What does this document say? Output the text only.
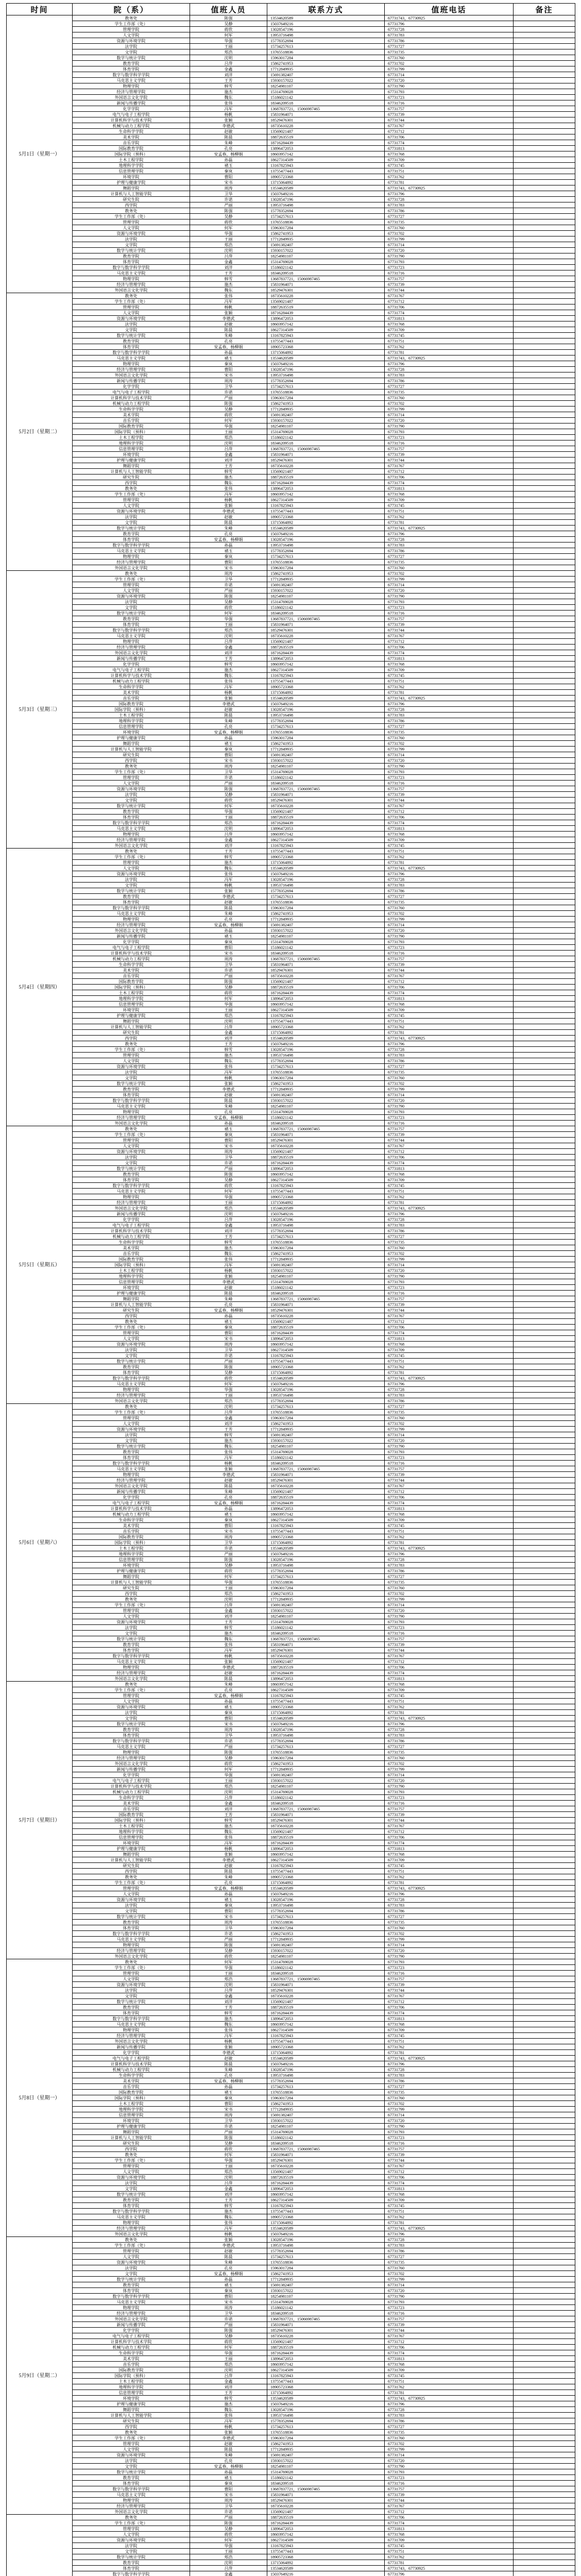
时间	院（系）	值班人员	联系方式	值班电话	备注
5月1日（星期一）	教务处	陈强	13534620589	67731743，67730925	
	学生工作部（处）	吴静	15037649216	67731796	
	管理学院	蒋欣	13028547196	67731728	
	人文学院	何军	13953716498	67731783	
	资源与环境学院	华强	15778352694	67731786	
	法学院	王丽	15734257613	67731727	
	文学院	郑浩	13765518836	67731735	
	数学与统计学院	沈明	15963017284	67731760	
	教育学院	吕萍	15862741953	67731702	
	体育学院	金鑫	17712849935	67731799	
	数字与数学科学学院	刘洋	15691382407	67731714	
	马克思主义学院	王芳	15930157022	67731720	
	物理学院	韩雪	18254981107	67731790	
	经济与管理学院	施杰	15314769028	67731793	
	外国语言文化学院	魏东	15186021142	67731723	
	新闻与传播学院	张伟	18346209518	67731716	
	化学学院	冯军	13687837721，15066987465	67731757	
	电气与电子工程学院	杨帆	15831964071	67731739	
	计算机科学与技术学院	张颖	18529476301	67731744	
	机械与动力工程学院	李德武	18735610228	67731767	
	生命科学学院	赵敏	13569021487	67731712	
	美术学院	陈晨	18872635519	67731706	
	音乐学院	朱峰	18716284439	67731774	
	国际教育学院	孔亮	13896472053	67731813	
	国际学院（预科）	安孟春，杨柳娟	18603957142	67731768	
	土木工程学院	孙磊	18627314509	67731709	
	地理科学学院	褚玉	13167825943	67731745	
	信息管理学院	秦岚	13755477443	67731751	
	环境学院	曹阳	18905723368	67731762	
	护理与健康学院	宋书	13715064892	67731781	
	舞蹈学院	周涛	13534620589	67731743，67730925	
	计算机与人工智能学院	卫华	15037649216	67731796	
	研究生院	许诺	13028547196	67731728	
	西学院	严丽	13953716498	67731783	
	教务处	陈强	15778352694	67731786	
	学生工作部（处）	吴静	15734257613	67731727	
	管理学院	蒋欣	13765518836	67731735	
	人文学院	何军	15963017284	67731760	
	资源与环境学院	华强	15862741953	67731702	
	法学院	王丽	17712849935	67731799	
	文学院	郑浩	15691382407	67731714	
	数学与统计学院	沈明	15930157022	67731720	
	教育学院	吕萍	18254981107	67731790	
	体育学院	金鑫	15314769028	67731793	
	数字与数学科学学院	刘洋	15186021142	67731723	
	马克思主义学院	王芳	18346209518	67731716	
	物理学院	韩雪	13687837721，15066987465	67731757	
	经济与管理学院	施杰	15831964071	67731739	
	外国语言文化学院	魏东	18529476301	67731744	
5月2日（星期二）	教务处	张伟	18735610228	67731767	
	学生工作部（处）	冯军	13569021487	67731712	
	管理学院	杨帆	18872635519	67731706	
	人文学院	张颖	18716284439	67731774	
	资源与环境学院	李德武	13896472053	67731813	
	法学院	赵敏	18603957142	67731768	
	文学院	陈晨	18627314509	67731709	
	数学与统计学院	朱峰	13167825943	67731745	
	教育学院	孔亮	13755477443	67731751	
	体育学院	安孟春，杨柳娟	18905723368	67731762	
	数字与数学科学学院	孙磊	13715064892	67731781	
	马克思主义学院	褚玉	13534620589	67731743，67730925	
	物理学院	秦岚	15037649216	67731796	
	经济与管理学院	曹阳	13028547196	67731728	
	外国语言文化学院	宋书	13953716498	67731783	
	新闻与传播学院	周涛	15778352694	67731786	
	化学学院	卫华	15734257613	67731727	
	电气与电子工程学院	许诺	13765518836	67731735	
	计算机科学与技术学院	严丽	15963017284	67731760	
	机械与动力工程学院	陈强	15862741953	67731702	
	生命科学学院	吴静	17712849935	67731799	
	美术学院	蒋欣	15691382407	67731714	
	音乐学院	何军	15930157022	67731720	
	国际教育学院	华强	18254981107	67731790	
	国际学院（预科）	王丽	15314769028	67731793	
	土木工程学院	郑浩	15186021142	67731723	
	地理科学学院	沈明	18346209518	67731716	
	信息管理学院	吕萍	13687837721，15066987465	67731757	
	环境学院	金鑫	15831964071	67731739	
	护理与健康学院	刘洋	18529476301	67731744	
	舞蹈学院	王芳	18735610228	67731767	
	计算机与人工智能学院	韩雪	13569021487	67731712	
	研究生院	施杰	18872635519	67731706	
	西学院	魏东	18716284439	67731774	
	教务处	张伟	13896472053	67731813	
	学生工作部（处）	冯军	18603957142	67731768	
	管理学院	杨帆	18627314509	67731709	
	人文学院	张颖	13167825943	67731745	
	资源与环境学院	李德武	13755477443	67731751	
	法学院	赵敏	18905723368	67731762	
	文学院	陈晨	13715064892	67731781	
	数学与统计学院	朱峰	13534620589	67731743，67730925	
	教育学院	孔亮	15037649216	67731796	
	体育学院	安孟春，杨柳娟	13028547196	67731728	
	数字与数学科学学院	孙磊	13953716498	67731783	
	马克思主义学院	褚玉	15778352694	67731786	
	物理学院	秦岚	15734257613	67731727	
	经济与管理学院	曹阳	13765518836	67731735	
	外国语言文化学院	宋书	15963017284	67731760	
5月3日（星期三）	教务处	周涛	15862741953	67731702	
	学生工作部（处）	卫华	17712849935	67731799	
	管理学院	许诺	15691382407	67731714	
	人文学院	严丽	15930157022	67731720	
	资源与环境学院	陈强	18254981107	67731790	
	法学院	吴静	15314769028	67731793	
	文学院	蒋欣	15186021142	67731723	
	数学与统计学院	何军	18346209518	67731716	
	教育学院	华强	13687837721，15066987465	67731757	
	体育学院	王丽	15831964071	67731739	
	数字与数学科学学院	郑浩	18529476301	67731744	
	马克思主义学院	沈明	18735610228	67731767	
	物理学院	吕萍	13569021487	67731712	
	经济与管理学院	金鑫	18872635519	67731706	
	外国语言文化学院	刘洋	18716284439	67731774	
	新闻与传播学院	王芳	13896472053	67731813	
	化学学院	韩雪	18603957142	67731768	
	电气与电子工程学院	施杰	18627314509	67731709	
	计算机科学与技术学院	魏东	13167825943	67731745	
	机械与动力工程学院	张伟	13755477443	67731751	
	生命科学学院	冯军	18905723368	67731762	
	美术学院	杨帆	13715064892	67731781	
	音乐学院	张颖	13534620589	67731743，67730925	
	国际教育学院	李德武	15037649216	67731796	
	国际学院（预科）	赵敏	13028547196	67731728	
	土木工程学院	陈晨	13953716498	67731783	
	地理科学学院	朱峰	15778352694	67731786	
	信息管理学院	孔亮	15734257613	67731727	
	环境学院	安孟春，杨柳娟	13765518836	67731735	
	护理与健康学院	孙磊	15963017284	67731760	
	舞蹈学院	褚玉	15862741953	67731702	
	计算机与人工智能学院	秦岚	17712849935	67731799	
	研究生院	曹阳	15691382407	67731714	
	西学院	宋书	15930157022	67731720	
	教务处	周涛	18254981107	67731790	
	学生工作部（处）	卫华	15314769028	67731793	
	管理学院	许诺	15186021142	67731723	
	人文学院	严丽	18346209518	67731716	
	资源与环境学院	陈强	13687837721，15066987465	67731757	
	法学院	吴静	15831964071	67731739	
	文学院	蒋欣	18529476301	67731744	
	数学与统计学院	何军	18735610228	67731767	
	教育学院	华强	13569021487	67731712	
	体育学院	王丽	18872635519	67731706	
	数字与数学科学学院	郑浩	18716284439	67731774	
	马克思主义学院	沈明	13896472053	67731813	
	物理学院	吕萍	18603957142	67731768	
	经济与管理学院	金鑫	18627314509	67731709	
	外国语言文化学院	刘洋	13167825943	67731745	
5月4日（星期四）	教务处	王芳	13755477443	67731751	
	学生工作部（处）	韩雪	18905723368	67731762	
	管理学院	施杰	13715064892	67731781	
	人文学院	魏东	13534620589	67731743，67730925	
	资源与环境学院	张伟	15037649216	67731796	
	法学院	冯军	13028547196	67731728	
	文学院	杨帆	13953716498	67731783	
	数学与统计学院	张颖	15778352694	67731786	
	教育学院	李德武	15734257613	67731727	
	体育学院	赵敏	13765518836	67731735	
	数字与数学科学学院	陈晨	15963017284	67731760	
	马克思主义学院	朱峰	15862741953	67731702	
	物理学院	孔亮	17712849935	67731799	
	经济与管理学院	安孟春，杨柳娟	15691382407	67731714	
	外国语言文化学院	孙磊	15930157022	67731720	
	新闻与传播学院	褚玉	18254981107	67731790	
	化学学院	秦岚	15314769028	67731793	
	电气与电子工程学院	曹阳	15186021142	67731723	
	计算机科学与技术学院	宋书	18346209518	67731716	
	机械与动力工程学院	周涛	13687837721，15066987465	67731757	
	生命科学学院	卫华	15831964071	67731739	
	美术学院	许诺	18529476301	67731744	
	音乐学院	严丽	18735610228	67731767	
	国际教育学院	陈强	13569021487	67731712	
	国际学院（预科）	吴静	18872635519	67731706	
	土木工程学院	蒋欣	18716284439	67731774	
	地理科学学院	何军	13896472053	67731813	
	信息管理学院	华强	18603957142	67731768	
	环境学院	王丽	18627314509	67731709	
	护理与健康学院	郑浩	13167825943	67731745	
	舞蹈学院	沈明	13755477443	67731751	
	计算机与人工智能学院	吕萍	18905723368	67731762	
	研究生院	金鑫	13715064892	67731781	
	西学院	刘洋	13534620589	67731743，67730925	
	教务处	王芳	15037649216	67731796	
	学生工作部（处）	韩雪	13028547196	67731728	
	管理学院	施杰	13953716498	67731783	
	人文学院	魏东	15778352694	67731786	
	资源与环境学院	张伟	15734257613	67731727	
	法学院	冯军	13765518836	67731735	
	文学院	杨帆	15963017284	67731760	
	数学与统计学院	张颖	15862741953	67731702	
	教育学院	李德武	17712849935	67731799	
	体育学院	赵敏	15691382407	67731714	
	数字与数学科学学院	陈晨	15930157022	67731720	
	马克思主义学院	朱峰	18254981107	67731790	
	物理学院	孔亮	15314769028	67731793	
	经济与管理学院	安孟春，杨柳娟	15186021142	67731723	
	外国语言文化学院	孙磊	18346209518	67731716	
5月5日（星期五）	教务处	褚玉	13687837721，15066987465	67731757	
	学生工作部（处）	秦岚	15831964071	67731739	
	管理学院	曹阳	18529476301	67731744	
	人文学院	宋书	18735610228	67731767	
	资源与环境学院	周涛	13569021487	67731712	
	法学院	卫华	18872635519	67731706	
	文学院	许诺	18716284439	67731774	
	数学与统计学院	严丽	13896472053	67731813	
	教育学院	陈强	18603957142	67731768	
	体育学院	吴静	18627314509	67731709	
	数字与数学科学学院	蒋欣	13167825943	67731745	
	马克思主义学院	何军	13755477443	67731751	
	物理学院	华强	18905723368	67731762	
	经济与管理学院	王丽	13715064892	67731781	
	外国语言文化学院	郑浩	13534620589	67731743，67730925	
	新闻与传播学院	沈明	15037649216	67731796	
	化学学院	吕萍	13028547196	67731728	
	电气与电子工程学院	金鑫	13953716498	67731783	
	计算机科学与技术学院	刘洋	15778352694	67731786	
	机械与动力工程学院	王芳	15734257613	67731727	
	生命科学学院	韩雪	13765518836	67731735	
	美术学院	施杰	15963017284	67731760	
	音乐学院	魏东	15862741953	67731702	
	国际教育学院	张伟	17712849935	67731799	
	国际学院（预科）	冯军	15691382407	67731714	
	土木工程学院	杨帆	15930157022	67731720	
	地理科学学院	张颖	18254981107	67731790	
	信息管理学院	李德武	15314769028	67731793	
	环境学院	赵敏	15186021142	67731723	
	护理与健康学院	陈晨	18346209518	67731716	
	舞蹈学院	朱峰	13687837721，15066987465	67731757	
	计算机与人工智能学院	孔亮	15831964071	67731739	
	研究生院	安孟春，杨柳娟	18529476301	67731744	
	西学院	孙磊	18735610228	67731767	
	教务处	褚玉	13569021487	67731712	
	学生工作部（处）	秦岚	18872635519	67731706	
	管理学院	曹阳	18716284439	67731774	
	人文学院	宋书	13896472053	67731813	
	资源与环境学院	周涛	18603957142	67731768	
	法学院	卫华	18627314509	67731709	
	文学院	许诺	13167825943	67731745	
	数学与统计学院	严丽	13755477443	67731751	
	教育学院	陈强	18905723368	67731762	
	体育学院	吴静	13715064892	67731781	
	数字与数学科学学院	蒋欣	13534620589	67731743，67730925	
	马克思主义学院	何军	15037649216	67731796	
	物理学院	华强	13028547196	67731728	
	经济与管理学院	王丽	13953716498	67731783	
	外国语言文化学院	郑浩	15778352694	67731786	
5月6日（星期六）	教务处	沈明	15734257613	67731727	
	学生工作部（处）	吕萍	13765518836	67731735	
	管理学院	金鑫	15963017284	67731760	
	人文学院	刘洋	15862741953	67731702	
	资源与环境学院	王芳	17712849935	67731799	
	法学院	韩雪	15691382407	67731714	
	文学院	施杰	15930157022	67731720	
	数学与统计学院	魏东	18254981107	67731790	
	教育学院	张伟	15314769028	67731793	
	体育学院	冯军	15186021142	67731723	
	数字与数学科学学院	杨帆	18346209518	67731716	
	马克思主义学院	张颖	13687837721，15066987465	67731757	
	物理学院	李德武	15831964071	67731739	
	经济与管理学院	赵敏	18529476301	67731744	
	外国语言文化学院	陈晨	18735610228	67731767	
	新闻与传播学院	朱峰	13569021487	67731712	
	化学学院	孔亮	18872635519	67731706	
	电气与电子工程学院	安孟春，杨柳娟	18716284439	67731774	
	计算机科学与技术学院	孙磊	13896472053	67731813	
	机械与动力工程学院	褚玉	18603957142	67731768	
	生命科学学院	秦岚	18627314509	67731709	
	美术学院	曹阳	13167825943	67731745	
	音乐学院	宋书	13755477443	67731751	
	国际教育学院	周涛	18905723368	67731762	
	国际学院（预科）	卫华	13715064892	67731781	
	土木工程学院	许诺	13534620589	67731743，67730925	
	地理科学学院	严丽	15037649216	67731796	
	信息管理学院	陈强	13028547196	67731728	
	环境学院	吴静	13953716498	67731783	
	护理与健康学院	蒋欣	15778352694	67731786	
	舞蹈学院	何军	15734257613	67731727	
	计算机与人工智能学院	华强	13765518836	67731735	
	研究生院	王丽	15963017284	67731760	
	西学院	郑浩	15862741953	67731702	
	教务处	沈明	17712849935	67731799	
	学生工作部（处）	吕萍	15691382407	67731714	
	管理学院	金鑫	15930157022	67731720	
	人文学院	刘洋	18254981107	67731790	
	资源与环境学院	王芳	15314769028	67731793	
	法学院	韩雪	15186021142	67731723	
	文学院	施杰	18346209518	67731716	
	数学与统计学院	魏东	13687837721，15066987465	67731757	
	教育学院	张伟	15831964071	67731739	
	体育学院	冯军	18529476301	67731744	
	数字与数学科学学院	杨帆	18735610228	67731767	
	马克思主义学院	张颖	13569021487	67731712	
	物理学院	李德武	18872635519	67731706	
	经济与管理学院	赵敏	18716284439	67731774	
	外国语言文化学院	陈晨	13896472053	67731813	
5月7日（星期日）	教务处	朱峰	18603957142	67731768	
	学生工作部（处）	孔亮	18627314509	67731709	
	管理学院	安孟春，杨柳娟	13167825943	67731745	
	人文学院	孙磊	13755477443	67731751	
	资源与环境学院	褚玉	18905723368	67731762	
	法学院	秦岚	13715064892	67731781	
	文学院	曹阳	13534620589	67731743，67730925	
	数学与统计学院	宋书	15037649216	67731796	
	教育学院	周涛	13028547196	67731728	
	体育学院	卫华	13953716498	67731783	
	数字与数学科学学院	许诺	15778352694	67731786	
	马克思主义学院	严丽	15734257613	67731727	
	物理学院	陈强	13765518836	67731735	
	经济与管理学院	吴静	15963017284	67731760	
	外国语言文化学院	蒋欣	15862741953	67731702	
	新闻与传播学院	何军	17712849935	67731799	
	化学学院	华强	15691382407	67731714	
	电气与电子工程学院	王丽	15930157022	67731720	
	计算机科学与技术学院	郑浩	18254981107	67731790	
	机械与动力工程学院	沈明	15314769028	67731793	
	生命科学学院	吕萍	15186021142	67731723	
	美术学院	金鑫	18346209518	67731716	
	音乐学院	刘洋	13687837721，15066987465	67731757	
	国际教育学院	王芳	15831964071	67731739	
	国际学院（预科）	韩雪	18529476301	67731744	
	土木工程学院	施杰	18735610228	67731767	
	地理科学学院	魏东	13569021487	67731712	
	信息管理学院	张伟	18872635519	67731706	
	环境学院	冯军	18716284439	67731774	
	护理与健康学院	杨帆	13896472053	67731813	
	舞蹈学院	张颖	18603957142	67731768	
	计算机与人工智能学院	李德武	18627314509	67731709	
	研究生院	赵敏	13167825943	67731745	
	西学院	陈晨	13755477443	67731751	
	教务处	朱峰	18905723368	67731762	
	学生工作部（处）	孔亮	13715064892	67731781	
	管理学院	安孟春，杨柳娟	13534620589	67731743，67730925	
	人文学院	孙磊	15037649216	67731796	
	资源与环境学院	褚玉	13028547196	67731728	
	法学院	秦岚	13953716498	67731783	
	文学院	曹阳	15778352694	67731786	
	数学与统计学院	宋书	15734257613	67731727	
	教育学院	周涛	13765518836	67731735	
	体育学院	卫华	15963017284	67731760	
	数字与数学科学学院	许诺	15862741953	67731702	
	马克思主义学院	严丽	17712849935	67731799	
	物理学院	陈强	15691382407	67731714	
	经济与管理学院	吴静	15930157022	67731720	
	外国语言文化学院	蒋欣	18254981107	67731790	
5月8日（星期一）	教务处	何军	15314769028	67731793	
	学生工作部（处）	华强	15186021142	67731723	
	管理学院	王丽	18346209518	67731716	
	人文学院	郑浩	13687837721，15066987465	67731757	
	资源与环境学院	沈明	15831964071	67731739	
	法学院	吕萍	18529476301	67731744	
	文学院	金鑫	18735610228	67731767	
	数学与统计学院	刘洋	13569021487	67731712	
	教育学院	王芳	18872635519	67731706	
	体育学院	韩雪	18716284439	67731774	
	数字与数学科学学院	施杰	13896472053	67731813	
	马克思主义学院	魏东	18603957142	67731768	
	物理学院	张伟	18627314509	67731709	
	经济与管理学院	冯军	13167825943	67731745	
	外国语言文化学院	杨帆	13755477443	67731751	
	新闻与传播学院	张颖	18905723368	67731762	
	化学学院	李德武	13715064892	67731781	
	电气与电子工程学院	赵敏	13534620589	67731743，67730925	
	计算机科学与技术学院	陈晨	15037649216	67731796	
	机械与动力工程学院	朱峰	13028547196	67731728	
	生命科学学院	孔亮	13953716498	67731783	
	美术学院	安孟春，杨柳娟	15778352694	67731786	
	音乐学院	孙磊	15734257613	67731727	
	国际教育学院	褚玉	13765518836	67731735	
	国际学院（预科）	秦岚	15963017284	67731760	
	土木工程学院	曹阳	15862741953	67731702	
	地理科学学院	宋书	17712849935	67731799	
	信息管理学院	周涛	15691382407	67731714	
	环境学院	卫华	15930157022	67731720	
	护理与健康学院	许诺	18254981107	67731790	
	舞蹈学院	严丽	15314769028	67731793	
	计算机与人工智能学院	陈强	15186021142	67731723	
	研究生院	吴静	18346209518	67731716	
	西学院	蒋欣	13687837721，15066987465	67731757	
	教务处	何军	15831964071	67731739	
	学生工作部（处）	华强	18529476301	67731744	
	管理学院	王丽	18735610228	67731767	
	人文学院	郑浩	13569021487	67731712	
	资源与环境学院	沈明	18872635519	67731706	
	法学院	吕萍	18716284439	67731774	
	文学院	金鑫	13896472053	67731813	
	数学与统计学院	刘洋	18603957142	67731768	
	教育学院	王芳	18627314509	67731709	
	体育学院	韩雪	13167825943	67731745	
	数字与数学科学学院	施杰	13755477443	67731751	
	马克思主义学院	魏东	18905723368	67731762	
	物理学院	张伟	13715064892	67731781	
	经济与管理学院	冯军	13534620589	67731743，67730925	
	外国语言文化学院	杨帆	15037649216	67731796	
5月9日（星期二）	教务处	张颖	13028547196	67731728	
	学生工作部（处）	李德武	13953716498	67731783	
	管理学院	赵敏	15778352694	67731786	
	人文学院	陈晨	15734257613	67731727	
	资源与环境学院	朱峰	13765518836	67731735	
	法学院	孔亮	15963017284	67731760	
	文学院	安孟春，杨柳娟	15862741953	67731702	
	数学与统计学院	孙磊	17712849935	67731799	
	教育学院	褚玉	15691382407	67731714	
	体育学院	秦岚	15930157022	67731720	
	数字与数学科学学院	曹阳	18254981107	67731790	
	马克思主义学院	宋书	15314769028	67731793	
	物理学院	周涛	15186021142	67731723	
	经济与管理学院	卫华	18346209518	67731716	
	外国语言文化学院	许诺	13687837721，15066987465	67731757	
	新闻与传播学院	严丽	15831964071	67731739	
	化学学院	陈强	18529476301	67731744	
	电气与电子工程学院	吴静	18735610228	67731767	
	计算机科学与技术学院	蒋欣	13569021487	67731712	
	机械与动力工程学院	何军	18872635519	67731706	
	生命科学学院	华强	18716284439	67731774	
	美术学院	王丽	13896472053	67731813	
	音乐学院	郑浩	18603957142	67731768	
	国际教育学院	沈明	18627314509	67731709	
	国际学院（预科）	吕萍	13167825943	67731745	
	土木工程学院	金鑫	13755477443	67731751	
	地理科学学院	刘洋	18905723368	67731762	
	信息管理学院	王芳	13715064892	67731781	
	环境学院	韩雪	13534620589	67731743，67730925	
	护理与健康学院	施杰	15037649216	67731796	
	舞蹈学院	魏东	13028547196	67731728	
	计算机与人工智能学院	张伟	13953716498	67731783	
	研究生院	冯军	15778352694	67731786	
	西学院	杨帆	15734257613	67731727	
	教务处	张颖	13765518836	67731735	
	学生工作部（处）	李德武	15963017284	67731760	
	管理学院	赵敏	15862741953	67731702	
	人文学院	陈晨	17712849935	67731799	
	资源与环境学院	朱峰	15691382407	67731714	
	法学院	孔亮	15930157022	67731720	
	文学院	安孟春，杨柳娟	18254981107	67731790	
	数学与统计学院	孙磊	15314769028	67731793	
	教育学院	褚玉	15186021142	67731723	
	体育学院	秦岚	18346209518	67731716	
	数字与数学科学学院	曹阳	13687837721，15066987465	67731757	
	马克思主义学院	宋书	15831964071	67731739	
	物理学院	周涛	18529476301	67731744	
	经济与管理学院	卫华	18735610228	67731767	
	外国语言文化学院	许诺	13569021487	67731712	
	教务处	严丽	18872635519	67731706	
	学生工作部（处）	陈强	18716284439	67731774	
	管理学院	吴静	13896472053	67731813	
	人文学院	蒋欣	18603957142	67731768	
	资源与环境学院	何军	18627314509	67731709	
	法学院	华强	13167825943	67731745	
	文学院	王丽	13755477443	67731751	
	数学与统计学院	郑浩	18905723368	67731762	
	教育学院	沈明	13715064892	67731781	
	体育学院	吕萍	13534620589	67731743，67730925	
	数字与数学科学学院	金鑫	15037649216	67731796	
